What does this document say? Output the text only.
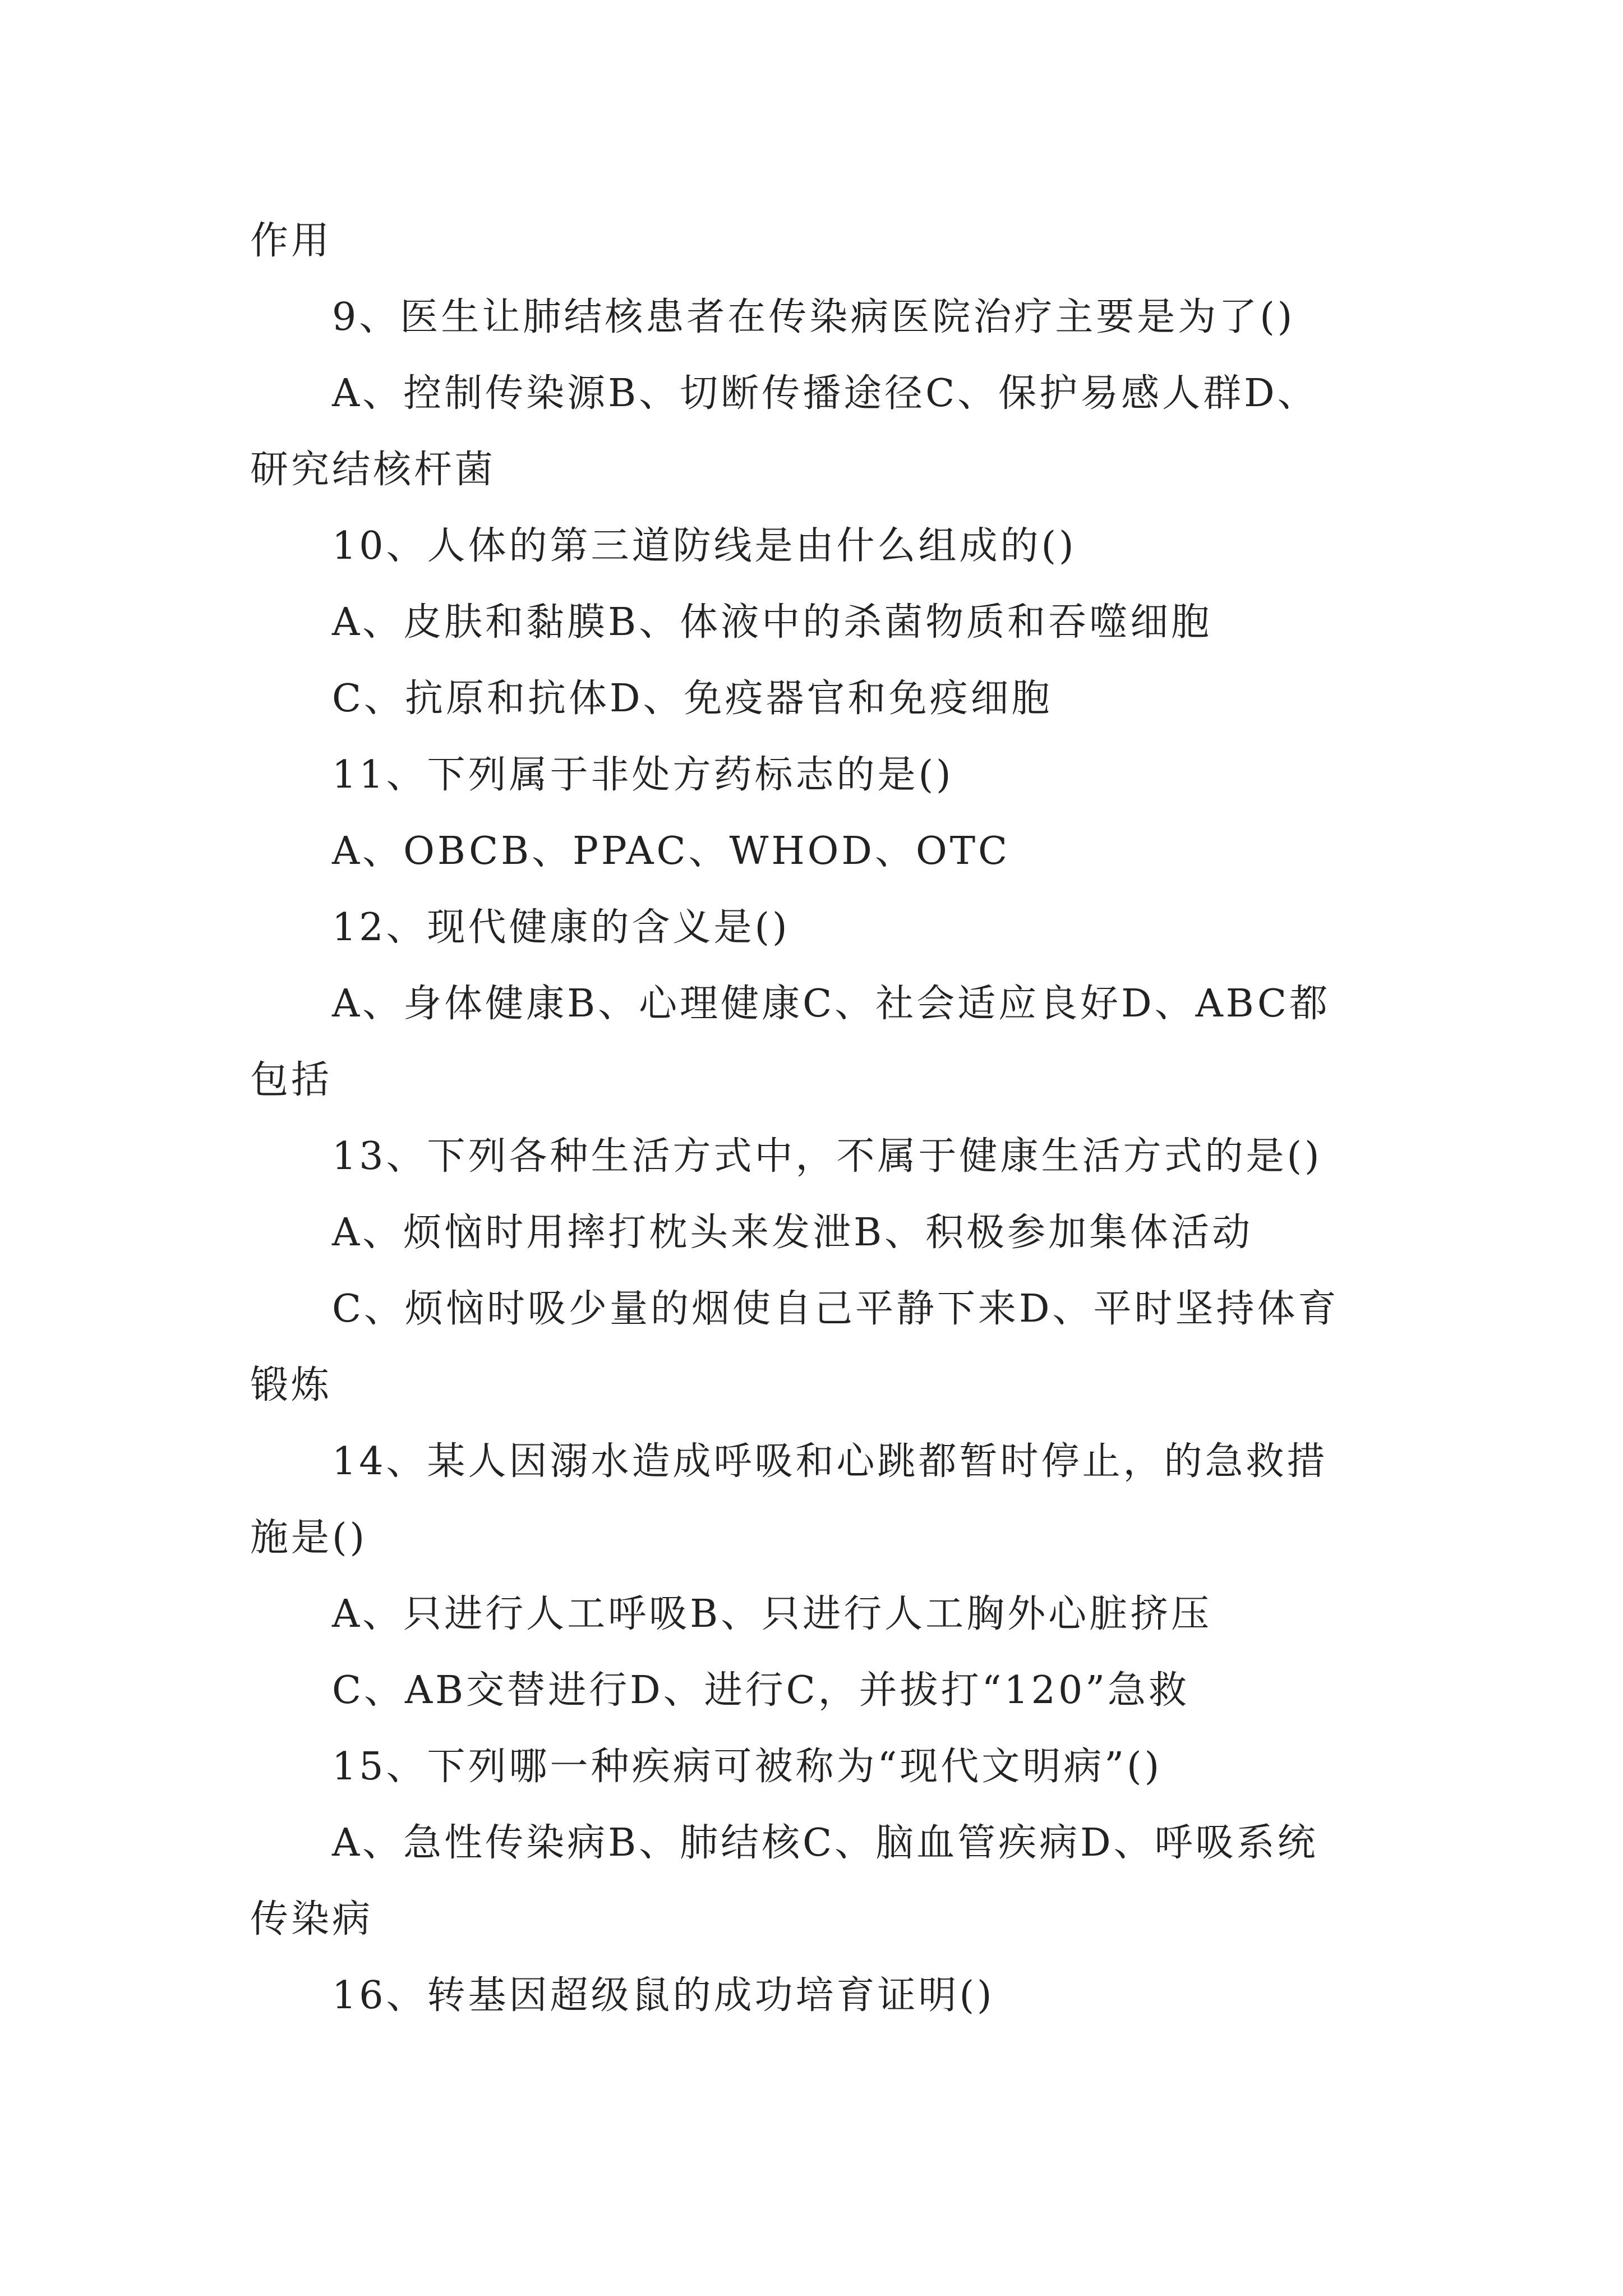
作用

9、医生让肺结核患者在传染病医院治疗主要是为了()

A、控制传染源B、切断传播途径C、保护易感人群D、

研究结核杆菌

10、人体的第三道防线是由什么组成的()

A、皮肤和黏膜B、体液中的杀菌物质和吞噬细胞

C、抗原和抗体D、免疫器官和免疫细胞

11、下列属于非处方药标志的是()

A、OBCB、PPAC、WHOD、OTC

12、现代健康的含义是()

A、身体健康B、心理健康C、社会适应良好D、ABC都

包括

13、下列各种生活方式中，不属于健康生活方式的是()

A、烦恼时用摔打枕头来发泄B、积极参加集体活动

C、烦恼时吸少量的烟使自己平静下来D、平时坚持体育

锻炼

14、某人因溺水造成呼吸和心跳都暂时停止，的急救措

施是()

A、只进行人工呼吸B、只进行人工胸外心脏挤压

C、AB交替进行D、进行C，并拔打“120”急救

15、下列哪一种疾病可被称为“现代文明病”()

A、急性传染病B、肺结核C、脑血管疾病D、呼吸系统

传染病

16、转基因超级鼠的成功培育证明()
